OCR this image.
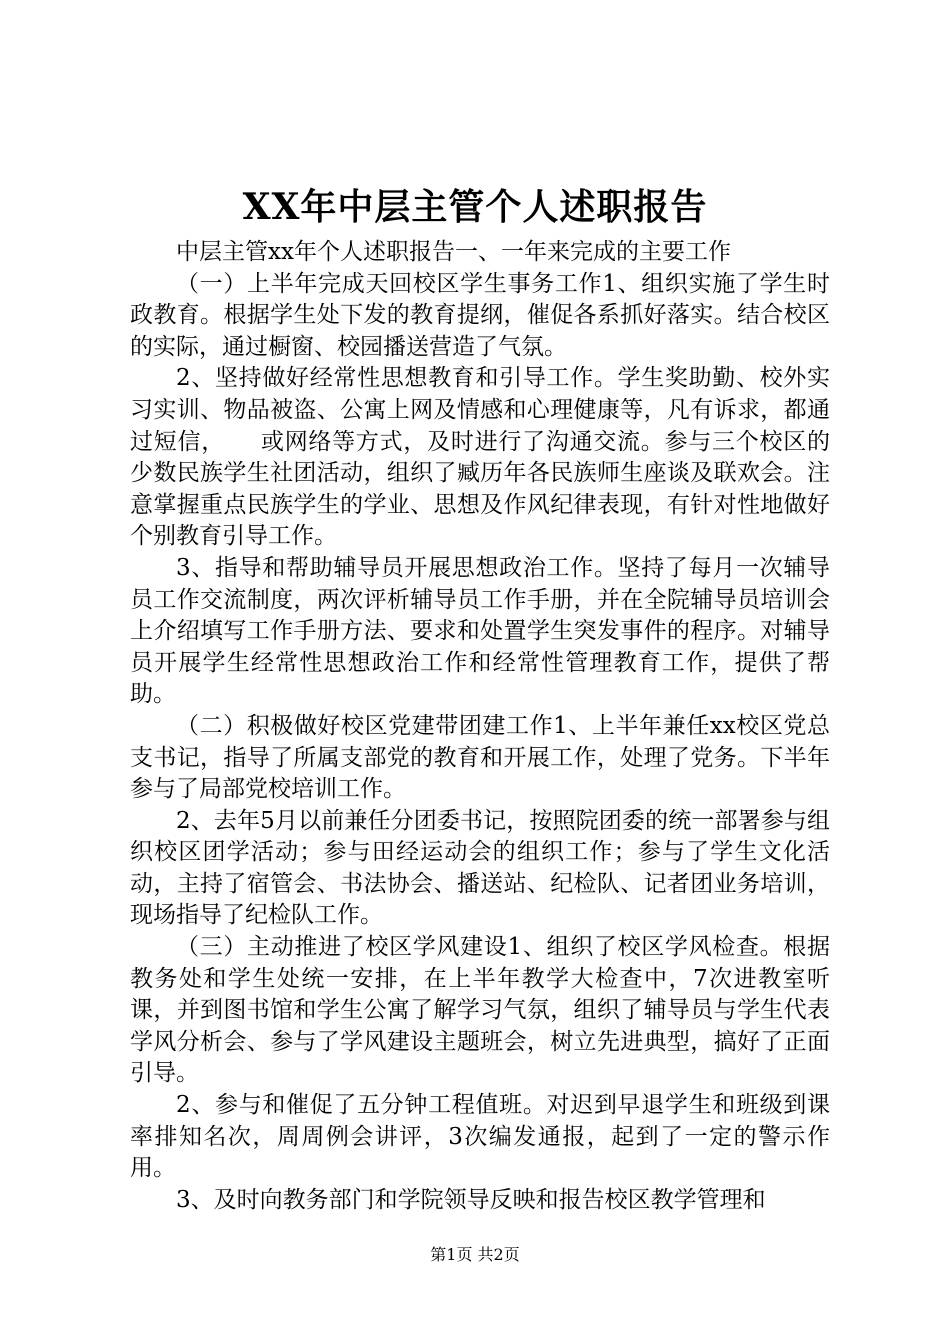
XX年中层主管个人述职报告

中层主管xx年个人述职报告一、一年来完成的主要工作

（一）上半年完成天回校区学生事务工作1、组织实施了学生时政教育。根据学生处下发的教育提纲，催促各系抓好落实。结合校区的实际，通过橱窗、校园播送营造了气氛。

2、坚持做好经常性思想教育和引导工作。学生奖助勤、校外实习实训、物品被盗、公寓上网及情感和心理健康等，凡有诉求，都通过短信，　　或网络等方式，及时进行了沟通交流。参与三个校区的少数民族学生社团活动，组织了臧历年各民族师生座谈及联欢会。注意掌握重点民族学生的学业、思想及作风纪律表现，有针对性地做好个别教育引导工作。

3、指导和帮助辅导员开展思想政治工作。坚持了每月一次辅导员工作交流制度，两次评析辅导员工作手册，并在全院辅导员培训会上介绍填写工作手册方法、要求和处置学生突发事件的程序。对辅导员开展学生经常性思想政治工作和经常性管理教育工作，提供了帮助。

（二）积极做好校区党建带团建工作1、上半年兼任xx校区党总支书记，指导了所属支部党的教育和开展工作，处理了党务。下半年参与了局部党校培训工作。

2、去年5月以前兼任分团委书记，按照院团委的统一部署参与组织校区团学活动；参与田经运动会的组织工作；参与了学生文化活动，主持了宿管会、书法协会、播送站、纪检队、记者团业务培训，现场指导了纪检队工作。

（三）主动推进了校区学风建设1、组织了校区学风检查。根据教务处和学生处统一安排，在上半年教学大检查中，7次进教室听课，并到图书馆和学生公寓了解学习气氛，组织了辅导员与学生代表学风分析会、参与了学风建设主题班会，树立先进典型，搞好了正面引导。

2、参与和催促了五分钟工程值班。对迟到早退学生和班级到课率排知名次，周周例会讲评，3次编发通报，起到了一定的警示作用。

3、及时向教务部门和学院领导反映和报告校区教学管理和

第1页 共2页
